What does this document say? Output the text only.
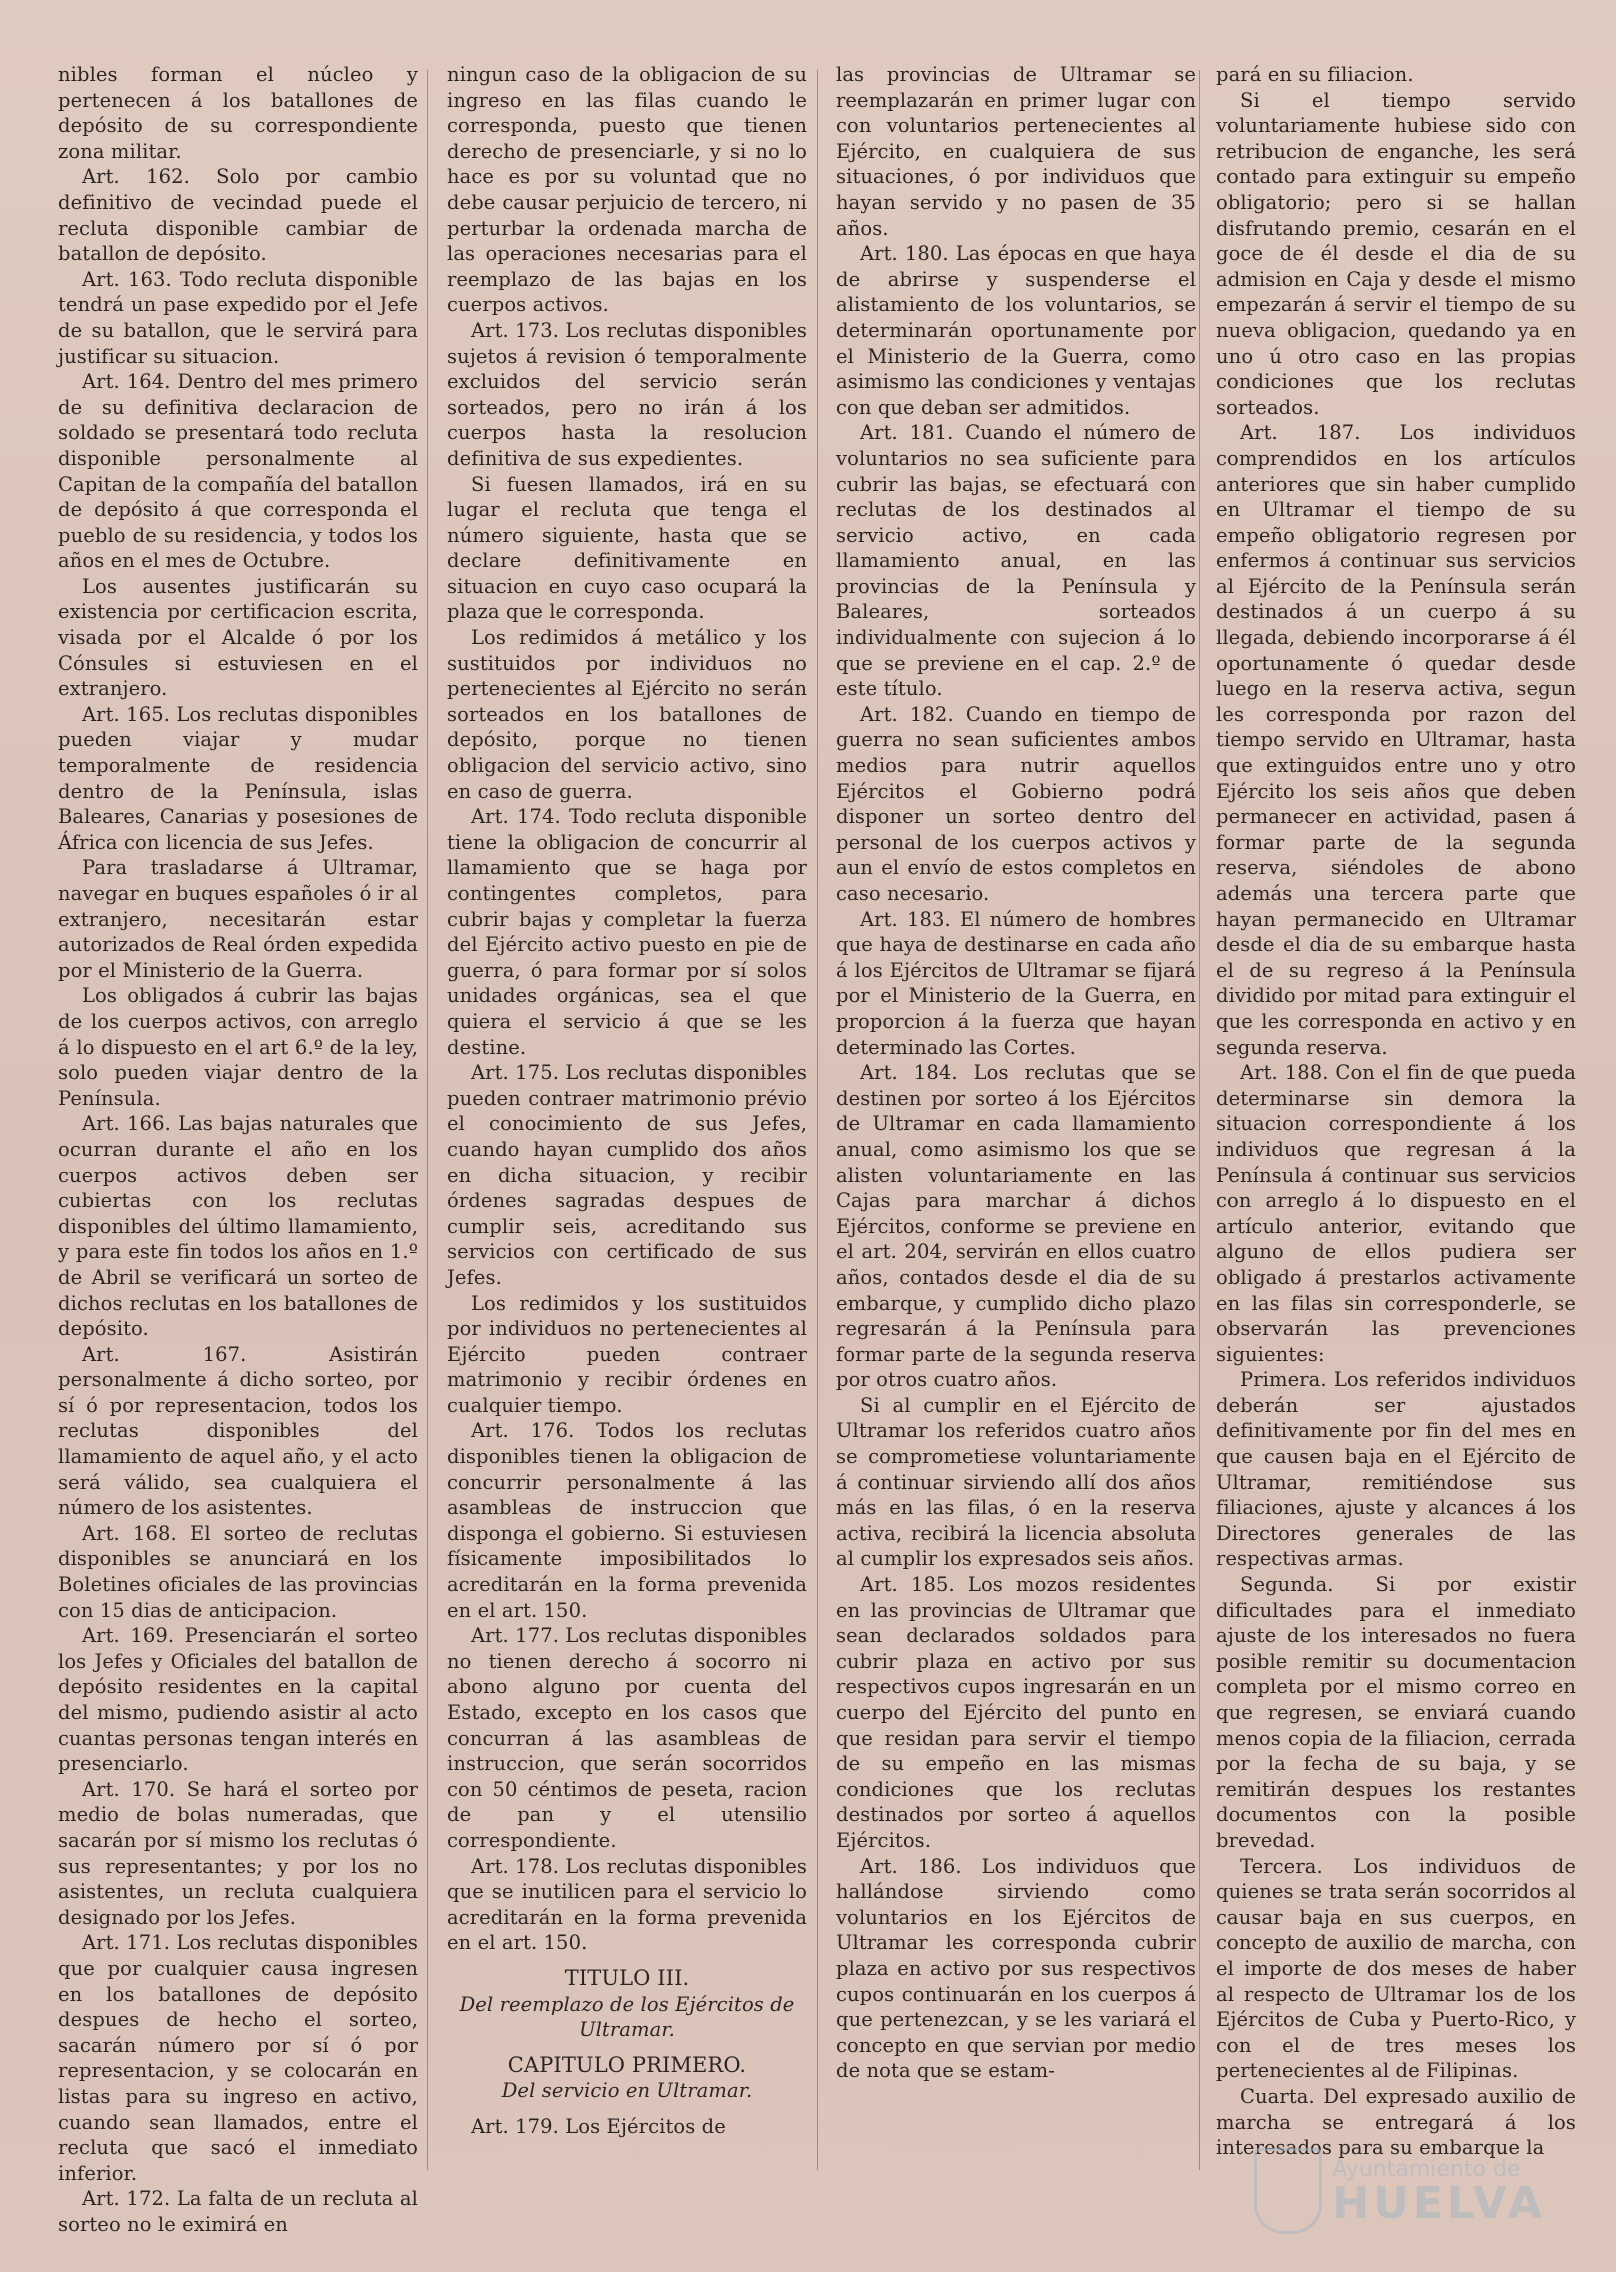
nibles forman el núcleo y pertenecen á los batallones de depósito de su correspondiente zona militar.

Art. 162. Solo por cambio definitivo de vecindad puede el recluta disponible cambiar de batallon de depósito.

Art. 163. Todo recluta disponible tendrá un pase expedido por el Jefe de su batallon, que le servirá para justificar su situacion.

Art. 164. Dentro del mes primero de su definitiva declaracion de soldado se presentará todo recluta disponible personalmente al Capitan de la compañía del batallon de depósito á que corresponda el pueblo de su residencia, y todos los años en el mes de Octubre.

Los ausentes justificarán su existencia por certificacion escrita, visada por el Alcalde ó por los Cónsules si estuviesen en el extranjero.

Art. 165. Los reclutas disponibles pueden viajar y mudar temporalmente de residencia dentro de la Península, islas Baleares, Canarias y posesiones de África con licencia de sus Jefes.

Para trasladarse á Ultramar, navegar en buques españoles ó ir al extranjero, necesitarán estar autorizados de Real órden expedida por el Ministerio de la Guerra.

Los obligados á cubrir las bajas de los cuerpos activos, con arreglo á lo dispuesto en el art 6.º de la ley, solo pueden viajar dentro de la Península.

Art. 166. Las bajas naturales que ocurran durante el año en los cuerpos activos deben ser cubiertas con los reclutas disponibles del último llamamiento, y para este fin todos los años en 1.º de Abril se verificará un sorteo de dichos reclutas en los batallones de depósito.

Art. 167. Asistirán personalmente á dicho sorteo, por sí ó por representacion, todos los reclutas disponibles del llamamiento de aquel año, y el acto será válido, sea cualquiera el número de los asistentes.

Art. 168. El sorteo de reclutas disponibles se anunciará en los Boletines oficiales de las provincias con 15 dias de anticipacion.

Art. 169. Presenciarán el sorteo los Jefes y Oficiales del batallon de depósito residentes en la capital del mismo, pudiendo asistir al acto cuantas personas tengan interés en presenciarlo.

Art. 170. Se hará el sorteo por medio de bolas numeradas, que sacarán por sí mismo los reclutas ó sus representantes; y por los no asistentes, un recluta cualquiera designado por los Jefes.

Art. 171. Los reclutas disponibles que por cualquier causa ingresen en los batallones de depósito despues de hecho el sorteo, sacarán número por sí ó por representacion, y se colocarán en listas para su ingreso en activo, cuando sean llamados, entre el recluta que sacó el inmediato inferior.

Art. 172. La falta de un recluta al sorteo no le eximirá en

ningun caso de la obligacion de su ingreso en las filas cuando le corresponda, puesto que tienen derecho de presenciarle, y si no lo hace es por su voluntad que no debe causar perjuicio de tercero, ni perturbar la ordenada marcha de las operaciones necesarias para el reemplazo de las bajas en los cuerpos activos.

Art. 173. Los reclutas disponibles sujetos á revision ó temporalmente excluidos del servicio serán sorteados, pero no irán á los cuerpos hasta la resolucion definitiva de sus expedientes.

Si fuesen llamados, irá en su lugar el recluta que tenga el número siguiente, hasta que se declare definitivamente en situacion en cuyo caso ocupará la plaza que le corresponda.

Los redimidos á metálico y los sustituidos por individuos no pertenecientes al Ejército no serán sorteados en los batallones de depósito, porque no tienen obligacion del servicio activo, sino en caso de guerra.

Art. 174. Todo recluta disponible tiene la obligacion de concurrir al llamamiento que se haga por contingentes completos, para cubrir bajas y completar la fuerza del Ejército activo puesto en pie de guerra, ó para formar por sí solos unidades orgánicas, sea el que quiera el servicio á que se les destine.

Art. 175. Los reclutas disponibles pueden contraer matrimonio prévio el conocimiento de sus Jefes, cuando hayan cumplido dos años en dicha situacion, y recibir órdenes sagradas despues de cumplir seis, acreditando sus servicios con certificado de sus Jefes.

Los redimidos y los sustituidos por individuos no pertenecientes al Ejército pueden contraer matrimonio y recibir órdenes en cualquier tiempo.

Art. 176. Todos los reclutas disponibles tienen la obligacion de concurrir personalmente á las asambleas de instruccion que disponga el gobierno. Si estuviesen físicamente imposibilitados lo acreditarán en la forma prevenida en el art. 150.

Art. 177. Los reclutas disponibles no tienen derecho á socorro ni abono alguno por cuenta del Estado, excepto en los casos que concurran á las asambleas de instruccion, que serán socorridos con 50 céntimos de peseta, racion de pan y el utensilio correspondiente.

Art. 178. Los reclutas disponibles que se inutilicen para el servicio lo acreditarán en la forma prevenida en el art. 150.

TITULO III.

Del reemplazo de los Ejércitos de Ultramar.

CAPITULO PRIMERO.

Del servicio en Ultramar.

Art. 179. Los Ejércitos de

las provincias de Ultramar se reemplazarán en primer lugar con con voluntarios pertenecientes al Ejército, en cualquiera de sus situaciones, ó por individuos que hayan servido y no pasen de 35 años.

Art. 180. Las épocas en que haya de abrirse y suspenderse el alistamiento de los voluntarios, se determinarán oportunamente por el Ministerio de la Guerra, como asimismo las condiciones y ventajas con que deban ser admitidos.

Art. 181. Cuando el número de voluntarios no sea suficiente para cubrir las bajas, se efectuará con reclutas de los destinados al servicio activo, en cada llamamiento anual, en las provincias de la Península y Baleares, sorteados individualmente con sujecion á lo que se previene en el cap. 2.º de este título.

Art. 182. Cuando en tiempo de guerra no sean suficientes ambos medios para nutrir aquellos Ejércitos el Gobierno podrá disponer un sorteo dentro del personal de los cuerpos activos y aun el envío de estos completos en caso necesario.

Art. 183. El número de hombres que haya de destinarse en cada año á los Ejércitos de Ultramar se fijará por el Ministerio de la Guerra, en proporcion á la fuerza que hayan determinado las Cortes.

Art. 184. Los reclutas que se destinen por sorteo á los Ejércitos de Ultramar en cada llamamiento anual, como asimismo los que se alisten voluntariamente en las Cajas para marchar á dichos Ejércitos, conforme se previene en el art. 204, servirán en ellos cuatro años, contados desde el dia de su embarque, y cumplido dicho plazo regresarán á la Península para formar parte de la segunda reserva por otros cuatro años.

Si al cumplir en el Ejército de Ultramar los referidos cuatro años se comprometiese voluntariamente á continuar sirviendo allí dos años más en las filas, ó en la reserva activa, recibirá la licencia absoluta al cumplir los expresados seis años.

Art. 185. Los mozos residentes en las provincias de Ultramar que sean declarados soldados para cubrir plaza en activo por sus respectivos cupos ingresarán en un cuerpo del Ejército del punto en que residan para servir el tiempo de su empeño en las mismas condiciones que los reclutas destinados por sorteo á aquellos Ejércitos.

Art. 186. Los individuos que hallándose sirviendo como voluntarios en los Ejércitos de Ultramar les corresponda cubrir plaza en activo por sus respectivos cupos continuarán en los cuerpos á que pertenezcan, y se les variará el concepto en que servian por medio de nota que se estam-

pará en su filiacion.

Si el tiempo servido voluntariamente hubiese sido con retribucion de enganche, les será contado para extinguir su empeño obligatorio; pero si se hallan disfrutando premio, cesarán en el goce de él desde el dia de su admision en Caja y desde el mismo empezarán á servir el tiempo de su nueva obligacion, quedando ya en uno ú otro caso en las propias condiciones que los reclutas sorteados.

Art. 187. Los individuos comprendidos en los artículos anteriores que sin haber cumplido en Ultramar el tiempo de su empeño obligatorio regresen por enfermos á continuar sus servicios al Ejército de la Península serán destinados á un cuerpo á su llegada, debiendo incorporarse á él oportunamente ó quedar desde luego en la reserva activa, segun les corresponda por razon del tiempo servido en Ultramar, hasta que extinguidos entre uno y otro Ejército los seis años que deben permanecer en actividad, pasen á formar parte de la segunda reserva, siéndoles de abono además una tercera parte que hayan permanecido en Ultramar desde el dia de su embarque hasta el de su regreso á la Península dividido por mitad para extinguir el que les corresponda en activo y en segunda reserva.

Art. 188. Con el fin de que pueda determinarse sin demora la situacion correspondiente á los individuos que regresan á la Península á continuar sus servicios con arreglo á lo dispuesto en el artículo anterior, evitando que alguno de ellos pudiera ser obligado á prestarlos activamente en las filas sin corresponderle, se observarán las prevenciones siguientes:

Primera. Los referidos individuos deberán ser ajustados definitivamente por fin del mes en que causen baja en el Ejército de Ultramar, remitiéndose sus filiaciones, ajuste y alcances á los Directores generales de las respectivas armas.

Segunda. Si por existir dificultades para el inmediato ajuste de los interesados no fuera posible remitir su documentacion completa por el mismo correo en que regresen, se enviará cuando menos copia de la filiacion, cerrada por la fecha de su baja, y se remitirán despues los restantes documentos con la posible brevedad.

Tercera. Los individuos de quienes se trata serán socorridos al causar baja en sus cuerpos, en concepto de auxilio de marcha, con el importe de dos meses de haber al respecto de Ultramar los de los Ejércitos de Cuba y Puerto-Rico, y con el de tres meses los pertenecientes al de Filipinas.

Cuarta. Del expresado auxilio de marcha se entregará á los interesados para su embarque la

Ayuntamiento de
HUELVA
